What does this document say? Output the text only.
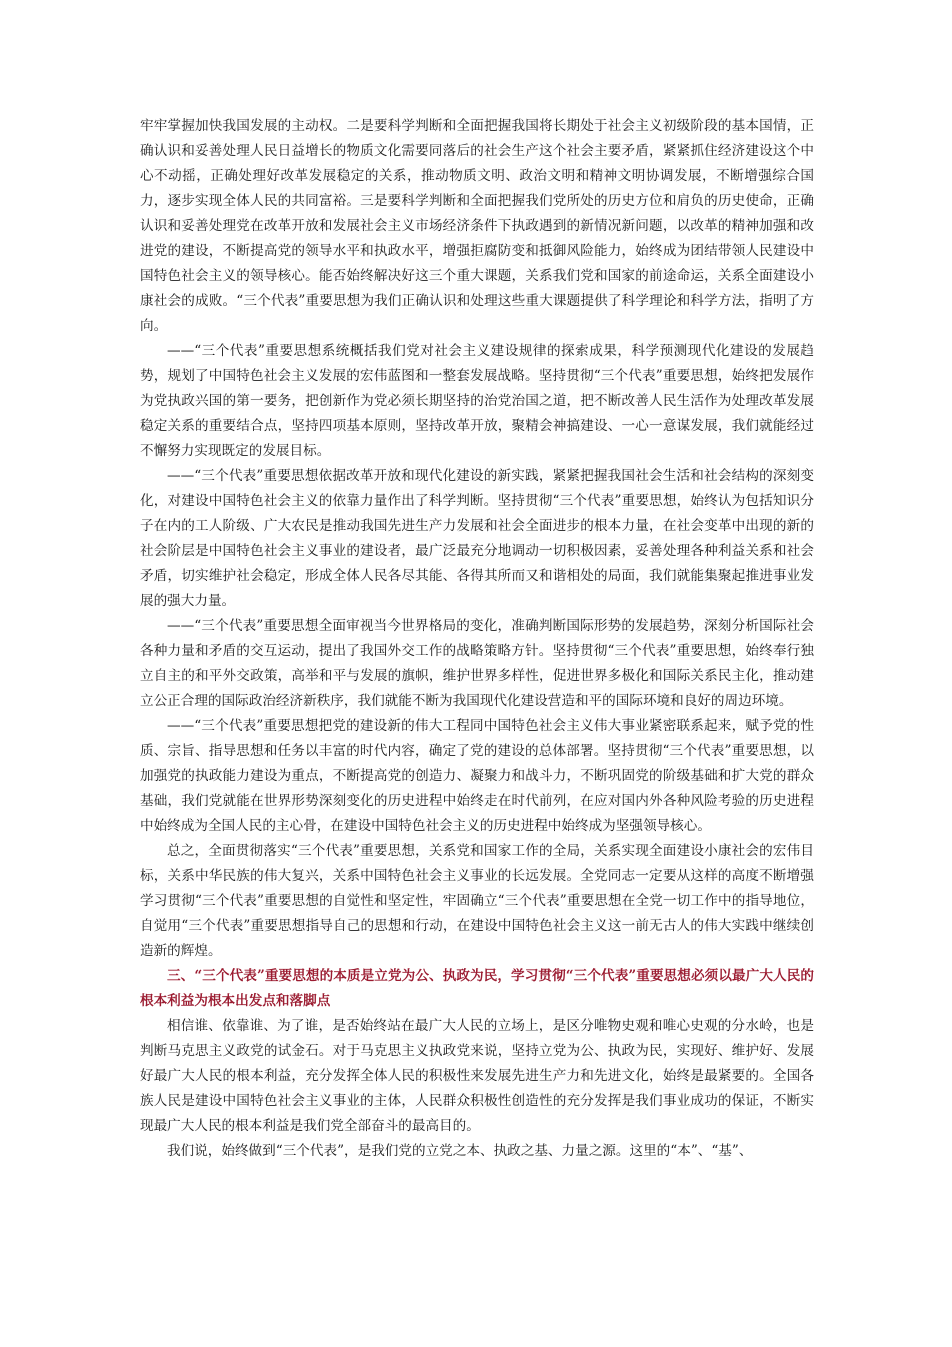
牢牢掌握加快我国发展的主动权。二是要科学判断和全面把握我国将长期处于社会主义初级阶段的基本国情，正确认识和妥善处理人民日益增长的物质文化需要同落后的社会生产这个社会主要矛盾，紧紧抓住经济建设这个中心不动摇，正确处理好改革发展稳定的关系，推动物质文明、政治文明和精神文明协调发展，不断增强综合国力，逐步实现全体人民的共同富裕。三是要科学判断和全面把握我们党所处的历史方位和肩负的历史使命，正确认识和妥善处理党在改革开放和发展社会主义市场经济条件下执政遇到的新情况新问题，以改革的精神加强和改进党的建设，不断提高党的领导水平和执政水平，增强拒腐防变和抵御风险能力，始终成为团结带领人民建设中国特色社会主义的领导核心。能否始终解决好这三个重大课题，关系我们党和国家的前途命运，关系全面建设小康社会的成败。“三个代表”重要思想为我们正确认识和处理这些重大课题提供了科学理论和科学方法，指明了方向。

——“三个代表”重要思想系统概括我们党对社会主义建设规律的探索成果，科学预测现代化建设的发展趋势，规划了中国特色社会主义发展的宏伟蓝图和一整套发展战略。坚持贯彻“三个代表”重要思想，始终把发展作为党执政兴国的第一要务，把创新作为党必须长期坚持的治党治国之道，把不断改善人民生活作为处理改革发展稳定关系的重要结合点，坚持四项基本原则，坚持改革开放，聚精会神搞建设、一心一意谋发展，我们就能经过不懈努力实现既定的发展目标。

——“三个代表”重要思想依据改革开放和现代化建设的新实践，紧紧把握我国社会生活和社会结构的深刻变化，对建设中国特色社会主义的依靠力量作出了科学判断。坚持贯彻“三个代表”重要思想，始终认为包括知识分子在内的工人阶级、广大农民是推动我国先进生产力发展和社会全面进步的根本力量，在社会变革中出现的新的社会阶层是中国特色社会主义事业的建设者，最广泛最充分地调动一切积极因素，妥善处理各种利益关系和社会矛盾，切实维护社会稳定，形成全体人民各尽其能、各得其所而又和谐相处的局面，我们就能集聚起推进事业发展的强大力量。

——“三个代表”重要思想全面审视当今世界格局的变化，准确判断国际形势的发展趋势，深刻分析国际社会各种力量和矛盾的交互运动，提出了我国外交工作的战略策略方针。坚持贯彻“三个代表”重要思想，始终奉行独立自主的和平外交政策，高举和平与发展的旗帜，维护世界多样性，促进世界多极化和国际关系民主化，推动建立公正合理的国际政治经济新秩序，我们就能不断为我国现代化建设营造和平的国际环境和良好的周边环境。

——“三个代表”重要思想把党的建设新的伟大工程同中国特色社会主义伟大事业紧密联系起来，赋予党的性质、宗旨、指导思想和任务以丰富的时代内容，确定了党的建设的总体部署。坚持贯彻“三个代表”重要思想，以加强党的执政能力建设为重点，不断提高党的创造力、凝聚力和战斗力，不断巩固党的阶级基础和扩大党的群众基础，我们党就能在世界形势深刻变化的历史进程中始终走在时代前列，在应对国内外各种风险考验的历史进程中始终成为全国人民的主心骨，在建设中国特色社会主义的历史进程中始终成为坚强领导核心。

总之，全面贯彻落实“三个代表”重要思想，关系党和国家工作的全局，关系实现全面建设小康社会的宏伟目标，关系中华民族的伟大复兴，关系中国特色社会主义事业的长远发展。全党同志一定要从这样的高度不断增强学习贯彻“三个代表”重要思想的自觉性和坚定性，牢固确立“三个代表”重要思想在全党一切工作中的指导地位，自觉用“三个代表”重要思想指导自己的思想和行动，在建设中国特色社会主义这一前无古人的伟大实践中继续创造新的辉煌。

三、“三个代表”重要思想的本质是立党为公、执政为民，学习贯彻“三个代表”重要思想必须以最广大人民的根本利益为根本出发点和落脚点

相信谁、依靠谁、为了谁，是否始终站在最广大人民的立场上，是区分唯物史观和唯心史观的分水岭，也是判断马克思主义政党的试金石。对于马克思主义执政党来说，坚持立党为公、执政为民，实现好、维护好、发展好最广大人民的根本利益，充分发挥全体人民的积极性来发展先进生产力和先进文化，始终是最紧要的。全国各族人民是建设中国特色社会主义事业的主体，人民群众积极性创造性的充分发挥是我们事业成功的保证，不断实现最广大人民的根本利益是我们党全部奋斗的最高目的。

我们说，始终做到“三个代表”，是我们党的立党之本、执政之基、力量之源。这里的“本”、“基”、
